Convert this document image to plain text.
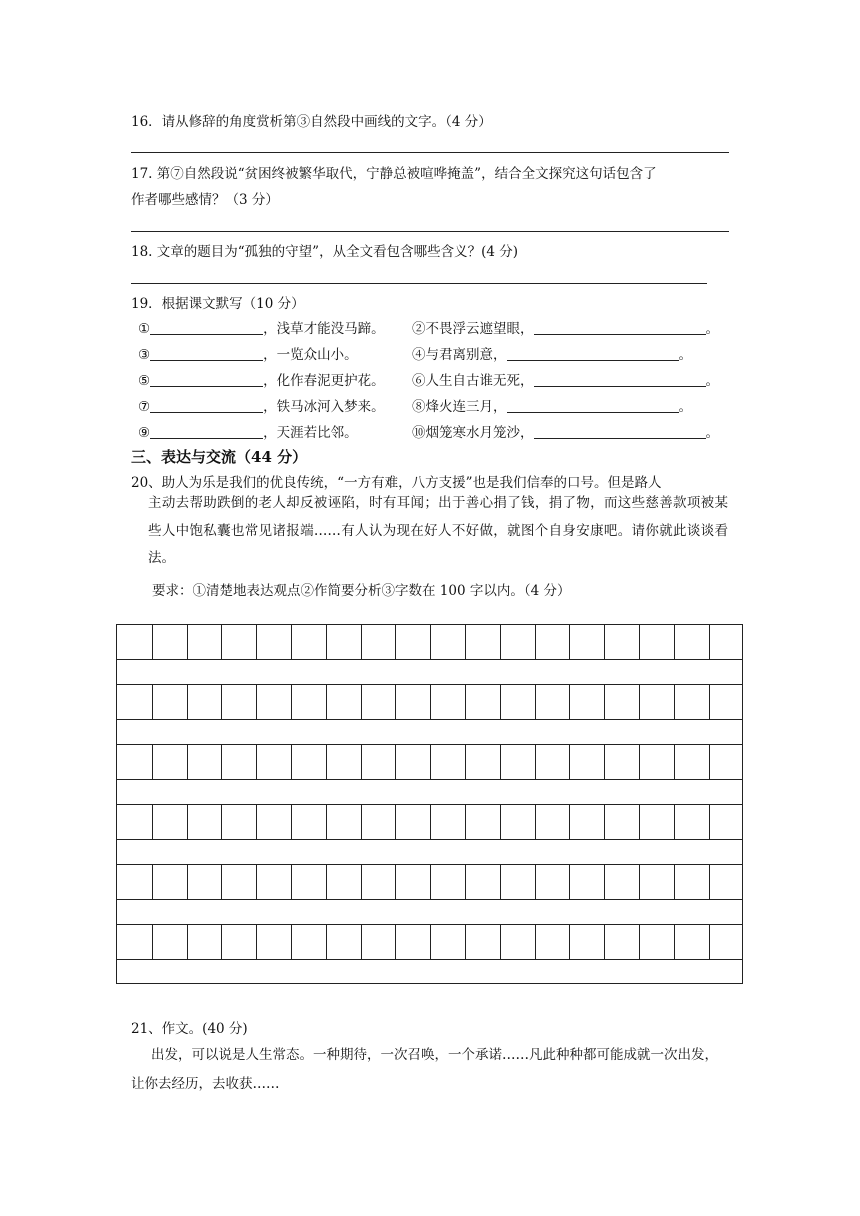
16．请从修辞的角度赏析第③自然段中画线的文字。（4 分）
17. 第⑦自然段说“贫困终被繁华取代，宁静总被喧哗掩盖”，结合全文探究这句话包含了
作者哪些感情？（3 分）
18. 文章的题目为“孤独的守望”，从全文看包含哪些含义？(4 分)
19．根据课文默写（10 分）
①	，浅草才能没马蹄。 ②不畏浮云遮望眼，	。
③	，一览众山小。	④与君离别意，	。
⑤	，化作春泥更护花。 ⑥人生自古谁无死，	。
⑦	，铁马冰河入梦来。 ⑧烽火连三月，	。
⑨	，天涯若比邻。	⑩烟笼寒水月笼沙，	。
三、表达与交流（44 分）
20、助人为乐是我们的优良传统，“一方有难，八方支援”也是我们信奉的口号。但是路人
主动去帮助跌倒的老人却反被诬陷，时有耳闻；出于善心捐了钱，捐了物，而这些慈善款项被某些人中饱私囊也常见诸报端……有人认为现在好人不好做，就图个自身安康吧。请你就此谈谈看法。
要求：①清楚地表达观点②作简要分析③字数在 100 字以内。（4 分）
21、作文。(40 分)
出发，可以说是人生常态。一种期待，一次召唤，一个承诺……凡此种种都可能成就一次出发，让你去经历，去收获……
